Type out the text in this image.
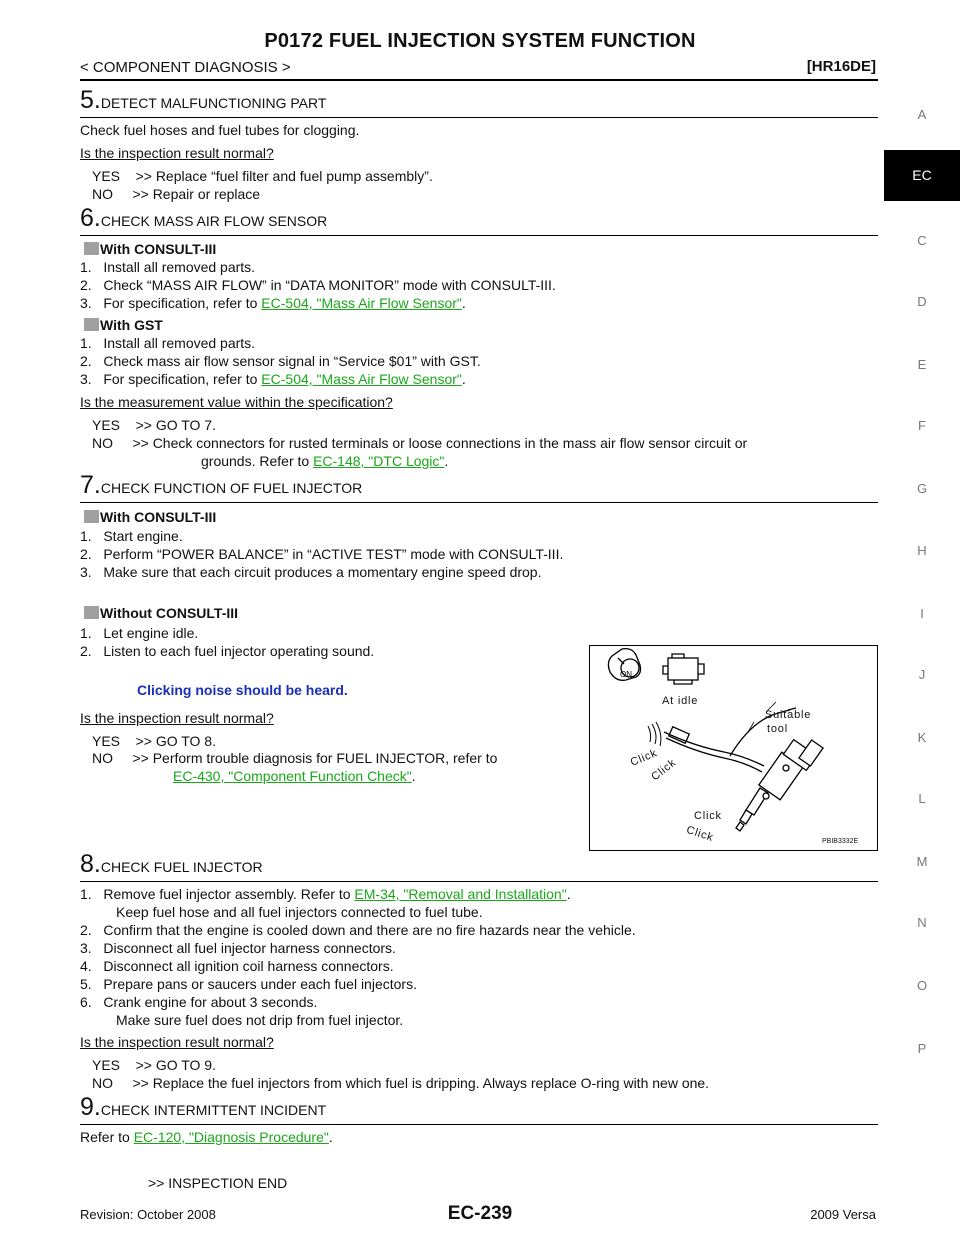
P0172 FUEL INJECTION SYSTEM FUNCTION
< COMPONENT DIAGNOSIS >	[HR16DE]
A
EC
C
D
E
F
G
H
I
J
K
L
M
N
O
P
5.DETECT MALFUNCTIONING PART
Check fuel hoses and fuel tubes for clogging.
Is the inspection result normal?
YES    >> Replace “fuel filter and fuel pump assembly”.
NO     >> Repair or replace
6.CHECK MASS AIR FLOW SENSOR
With CONSULT-III
1.   Install all removed parts.
2.   Check “MASS AIR FLOW” in “DATA MONITOR” mode with CONSULT-III.
3.   For specification, refer to EC-504, "Mass Air Flow Sensor".
With GST
1.   Install all removed parts.
2.   Check mass air flow sensor signal in “Service $01” with GST.
3.   For specification, refer to EC-504, "Mass Air Flow Sensor".
Is the measurement value within the specification?
YES    >> GO TO 7.
NO     >> Check connectors for rusted terminals or loose connections in the mass air flow sensor circuit or
grounds. Refer to EC-148, "DTC Logic".
7.CHECK FUNCTION OF FUEL INJECTOR
With CONSULT-III
1.   Start engine.
2.   Perform “POWER BALANCE” in “ACTIVE TEST” mode with CONSULT-III.
3.   Make sure that each circuit produces a momentary engine speed drop.
Without CONSULT-III
1.   Let engine idle.
2.   Listen to each fuel injector operating sound.
Clicking noise should be heard.
Is the inspection result normal?
YES    >> GO TO 8.
NO     >> Perform trouble diagnosis for FUEL INJECTOR, refer to
EC-430, "Component Function Check".
ON
At idle
Suitable
tool
Click
Click
Click
Click	PBIB3332E
8.CHECK FUEL INJECTOR
1.   Remove fuel injector assembly. Refer to EM-34, "Removal and Installation".
Keep fuel hose and all fuel injectors connected to fuel tube.
2.   Confirm that the engine is cooled down and there are no fire hazards near the vehicle.
3.   Disconnect all fuel injector harness connectors.
4.   Disconnect all ignition coil harness connectors.
5.   Prepare pans or saucers under each fuel injectors.
6.   Crank engine for about 3 seconds.
Make sure fuel does not drip from fuel injector.
Is the inspection result normal?
YES    >> GO TO 9.
NO     >> Replace the fuel injectors from which fuel is dripping. Always replace O-ring with new one.
9.CHECK INTERMITTENT INCIDENT
Refer to EC-120, "Diagnosis Procedure".
>> INSPECTION END
Revision: October 2008	EC-239	2009 Versa
